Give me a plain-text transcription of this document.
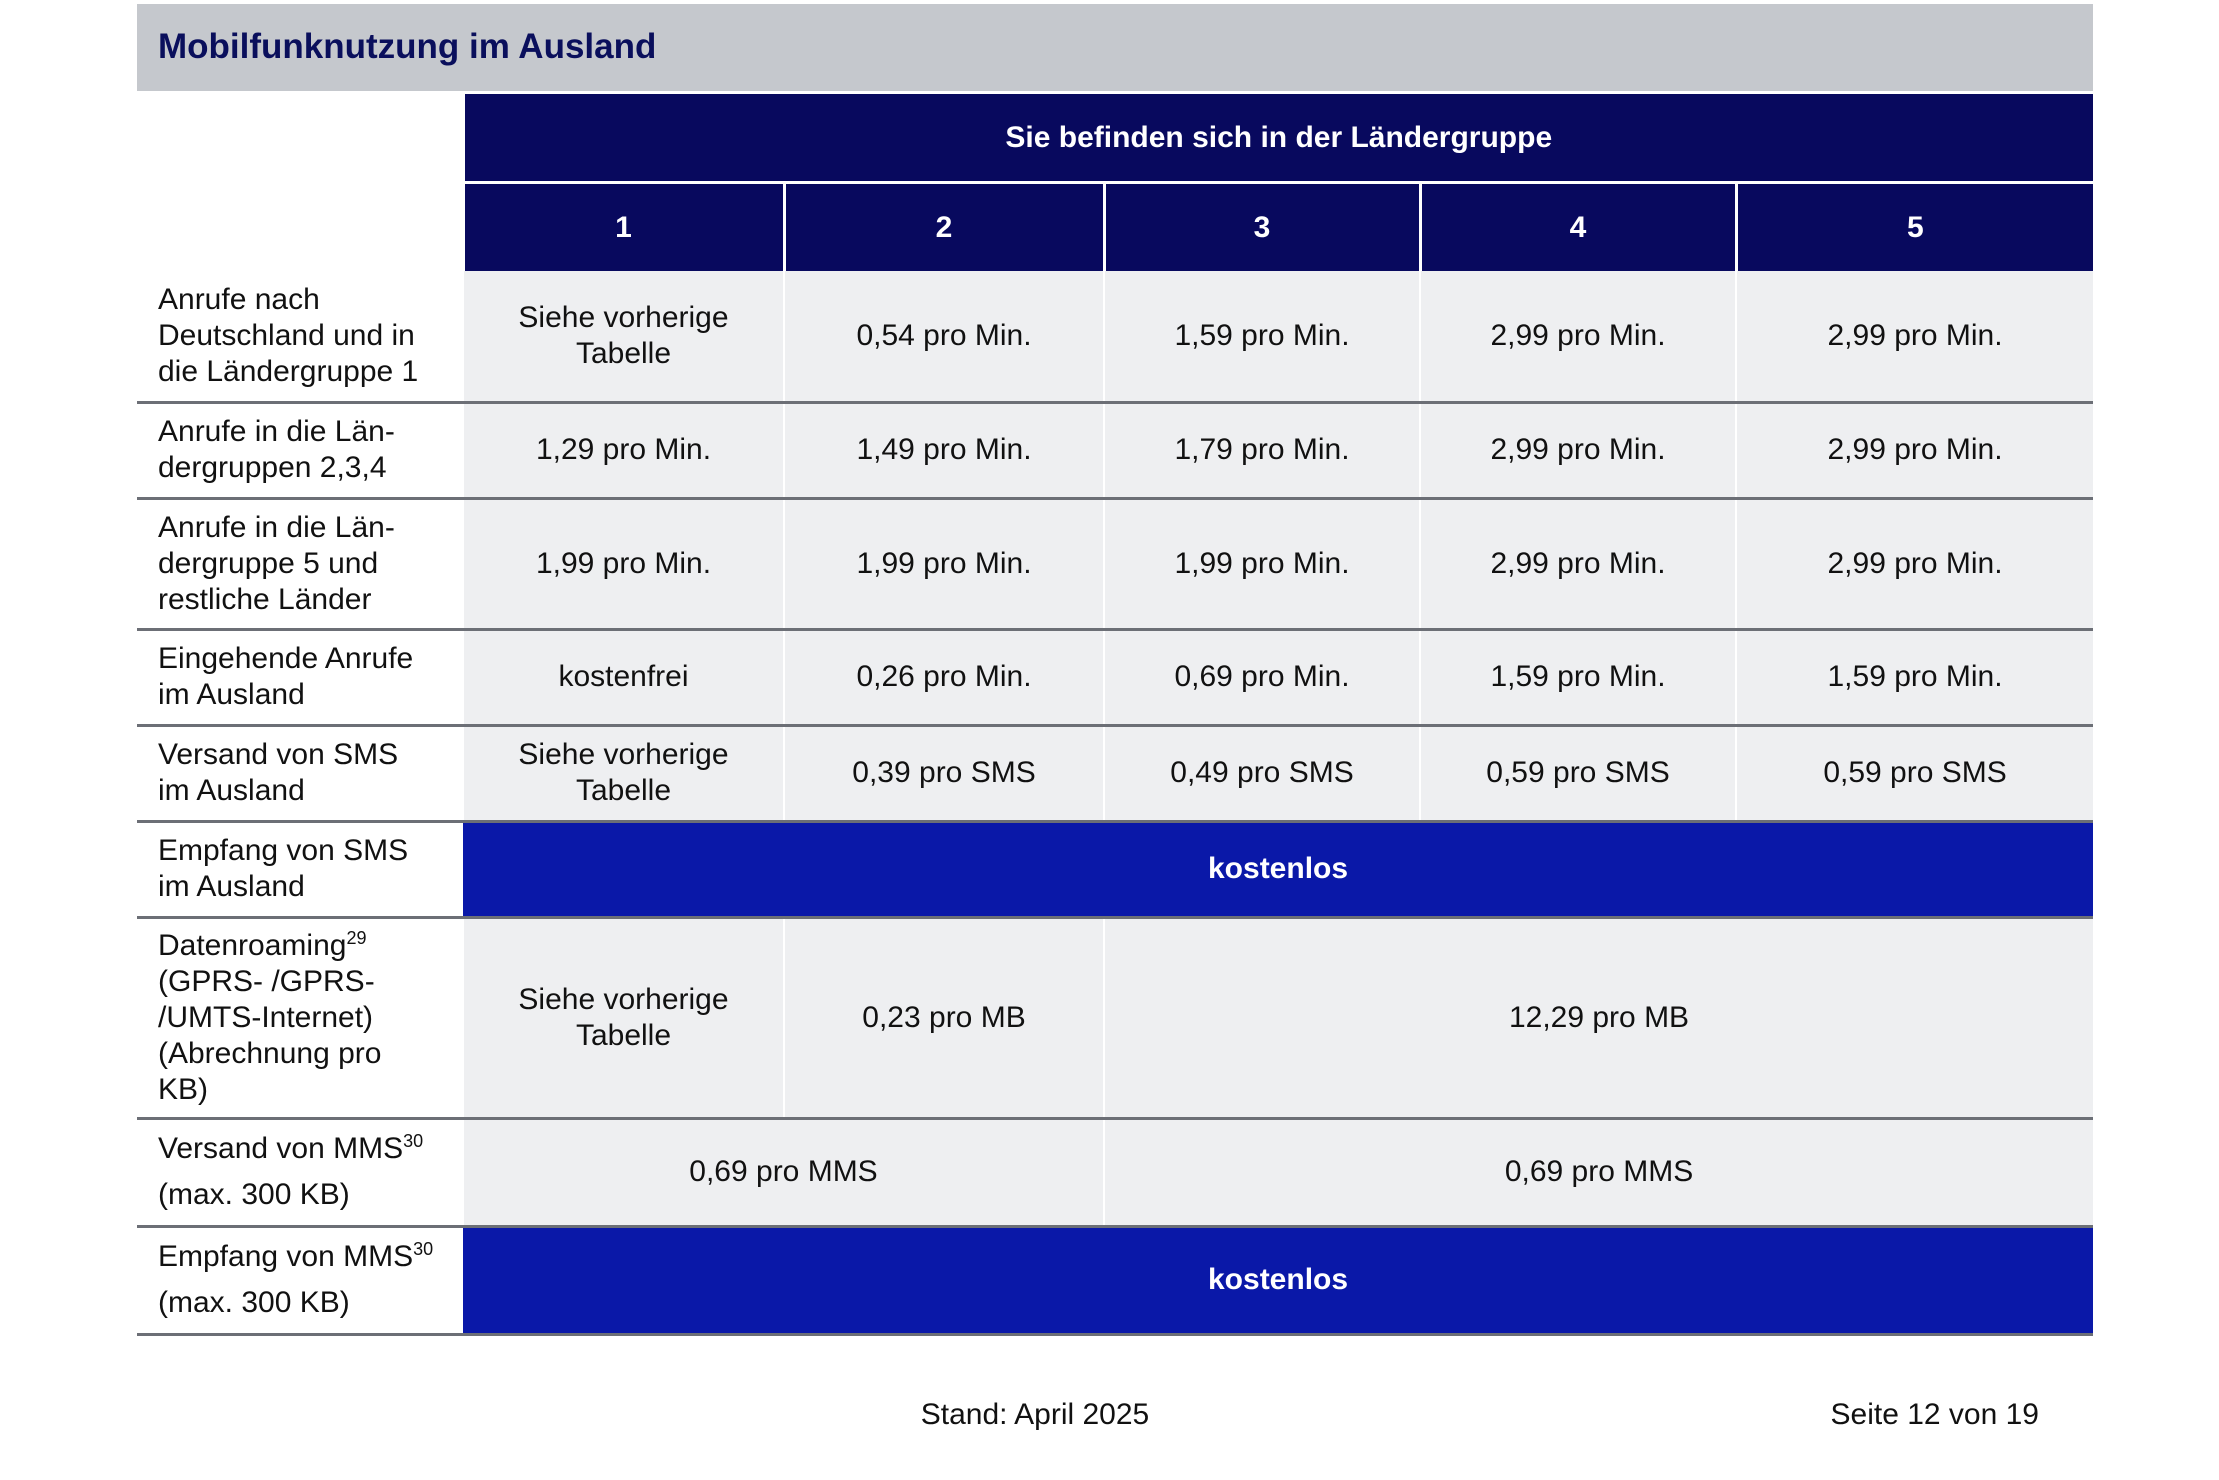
Mobilfunknutzung im Ausland
	Sie befinden sich in der Ländergruppe				
	1	2	3	4	5

Anrufe nach
Deutschland und in
die Ländergruppe 1	Siehe vorherige Tabelle	0,54 pro Min.	1,59 pro Min.	2,99 pro Min.	2,99 pro Min.

Anrufe in die Län-
dergruppen 2,3,4	1,29 pro Min.	1,49 pro Min.	1,79 pro Min.	2,99 pro Min.	2,99 pro Min.

Anrufe in die Län-
dergruppe 5 und
restliche Länder	1,99 pro Min.	1,99 pro Min.	1,99 pro Min.	2,99 pro Min.	2,99 pro Min.

Eingehende Anrufe
im Ausland	kostenfrei	0,26 pro Min.	0,69 pro Min.	1,59 pro Min.	1,59 pro Min.

Versand von SMS
im Ausland	Siehe vorherige Tabelle	0,39 pro SMS	0,49 pro SMS	0,59 pro SMS	0,59 pro SMS

Empfang von SMS
im Ausland	kostenlos				

Datenroaming$^{29}$
(GPRS- /GPRS-
/UMTS-Internet)
(Abrechnung pro
KB)	Siehe vorherige Tabelle	0,23 pro MB	12,29 pro MB		

Versand von MMS$^{30}$
(max. 300 KB)	0,69 pro MMS		0,69 pro MMS		

Empfang von MMS$^{30}$
(max. 300 KB)	kostenlos				
Stand: April 2025	Seite 12 von 19
